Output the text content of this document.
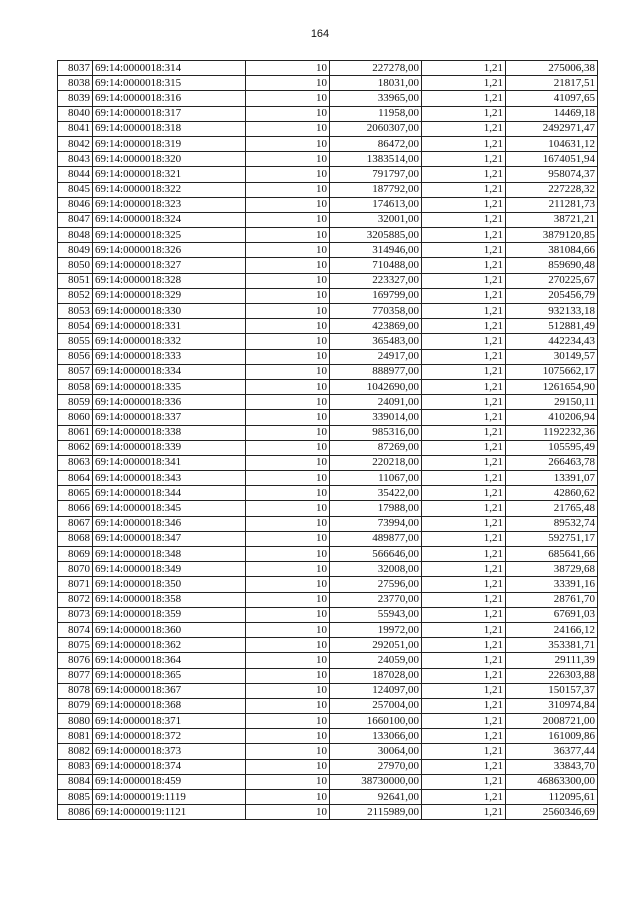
164
8037	69:14:0000018:314	10	227278,00	1,21	275006,38
8038	69:14:0000018:315	10	18031,00	1,21	21817,51
8039	69:14:0000018:316	10	33965,00	1,21	41097,65
8040	69:14:0000018:317	10	11958,00	1,21	14469,18
8041	69:14:0000018:318	10	2060307,00	1,21	2492971,47
8042	69:14:0000018:319	10	86472,00	1,21	104631,12
8043	69:14:0000018:320	10	1383514,00	1,21	1674051,94
8044	69:14:0000018:321	10	791797,00	1,21	958074,37
8045	69:14:0000018:322	10	187792,00	1,21	227228,32
8046	69:14:0000018:323	10	174613,00	1,21	211281,73
8047	69:14:0000018:324	10	32001,00	1,21	38721,21
8048	69:14:0000018:325	10	3205885,00	1,21	3879120,85
8049	69:14:0000018:326	10	314946,00	1,21	381084,66
8050	69:14:0000018:327	10	710488,00	1,21	859690,48
8051	69:14:0000018:328	10	223327,00	1,21	270225,67
8052	69:14:0000018:329	10	169799,00	1,21	205456,79
8053	69:14:0000018:330	10	770358,00	1,21	932133,18
8054	69:14:0000018:331	10	423869,00	1,21	512881,49
8055	69:14:0000018:332	10	365483,00	1,21	442234,43
8056	69:14:0000018:333	10	24917,00	1,21	30149,57
8057	69:14:0000018:334	10	888977,00	1,21	1075662,17
8058	69:14:0000018:335	10	1042690,00	1,21	1261654,90
8059	69:14:0000018:336	10	24091,00	1,21	29150,11
8060	69:14:0000018:337	10	339014,00	1,21	410206,94
8061	69:14:0000018:338	10	985316,00	1,21	1192232,36
8062	69:14:0000018:339	10	87269,00	1,21	105595,49
8063	69:14:0000018:341	10	220218,00	1,21	266463,78
8064	69:14:0000018:343	10	11067,00	1,21	13391,07
8065	69:14:0000018:344	10	35422,00	1,21	42860,62
8066	69:14:0000018:345	10	17988,00	1,21	21765,48
8067	69:14:0000018:346	10	73994,00	1,21	89532,74
8068	69:14:0000018:347	10	489877,00	1,21	592751,17
8069	69:14:0000018:348	10	566646,00	1,21	685641,66
8070	69:14:0000018:349	10	32008,00	1,21	38729,68
8071	69:14:0000018:350	10	27596,00	1,21	33391,16
8072	69:14:0000018:358	10	23770,00	1,21	28761,70
8073	69:14:0000018:359	10	55943,00	1,21	67691,03
8074	69:14:0000018:360	10	19972,00	1,21	24166,12
8075	69:14:0000018:362	10	292051,00	1,21	353381,71
8076	69:14:0000018:364	10	24059,00	1,21	29111,39
8077	69:14:0000018:365	10	187028,00	1,21	226303,88
8078	69:14:0000018:367	10	124097,00	1,21	150157,37
8079	69:14:0000018:368	10	257004,00	1,21	310974,84
8080	69:14:0000018:371	10	1660100,00	1,21	2008721,00
8081	69:14:0000018:372	10	133066,00	1,21	161009,86
8082	69:14:0000018:373	10	30064,00	1,21	36377,44
8083	69:14:0000018:374	10	27970,00	1,21	33843,70
8084	69:14:0000018:459	10	38730000,00	1,21	46863300,00
8085	69:14:0000019:1119	10	92641,00	1,21	112095,61
8086	69:14:0000019:1121	10	2115989,00	1,21	2560346,69
